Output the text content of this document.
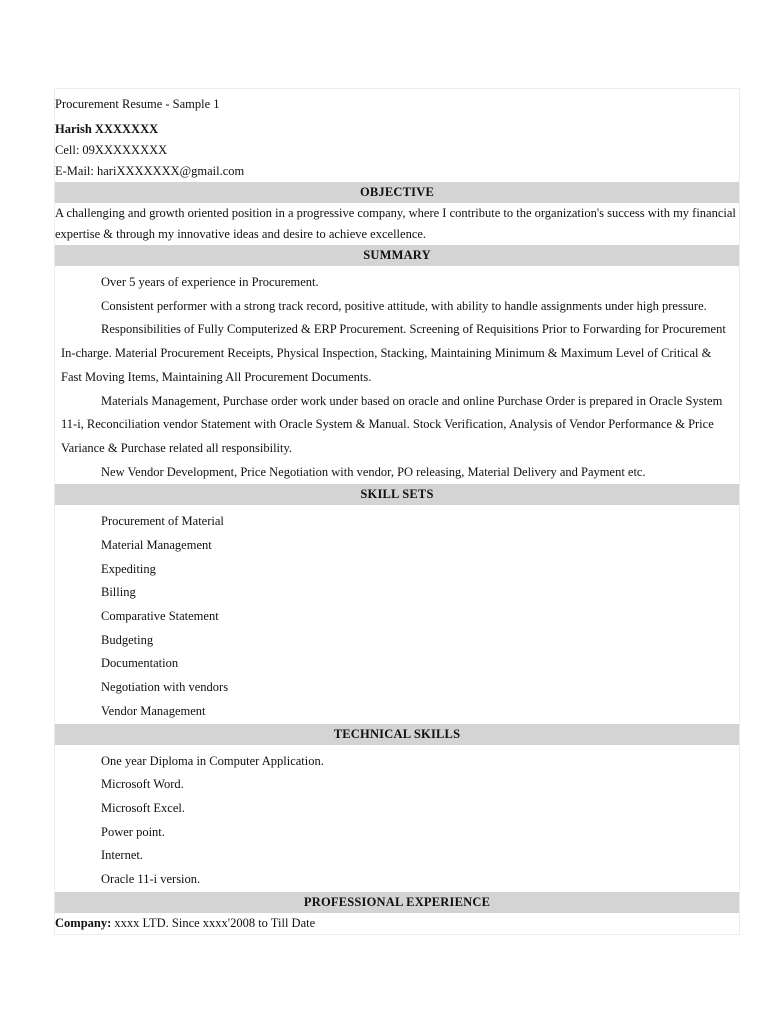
Procurement Resume - Sample 1
Harish XXXXXXX
Cell: 09XXXXXXXX
E-Mail: hariXXXXXXX@gmail.com
OBJECTIVE
A challenging and growth oriented position in a progressive company, where I contribute to the organization's success with my financial expertise & through my innovative ideas and desire to achieve excellence.
SUMMARY
Over 5 years of experience in Procurement.
Consistent performer with a strong track record, positive attitude, with ability to handle assignments under high pressure.
Responsibilities of Fully Computerized & ERP Procurement. Screening of Requisitions Prior to Forwarding for Procurement In-charge. Material Procurement Receipts, Physical Inspection, Stacking, Maintaining Minimum & Maximum Level of Critical & Fast Moving Items, Maintaining All Procurement Documents.
Materials Management, Purchase order work under based on oracle and online Purchase Order is prepared in Oracle System 11-i, Reconciliation vendor Statement with Oracle System & Manual. Stock Verification, Analysis of Vendor Performance & Price Variance & Purchase related all responsibility.
New Vendor Development, Price Negotiation with vendor, PO releasing, Material Delivery and Payment etc.
SKILL SETS
Procurement of Material
Material Management
Expediting
Billing
Comparative Statement
Budgeting
Documentation
Negotiation with vendors
Vendor Management
TECHNICAL SKILLS
One year Diploma in Computer Application.
Microsoft Word.
Microsoft Excel.
Power point.
Internet.
Oracle 11-i version.
PROFESSIONAL EXPERIENCE
Company: xxxx LTD. Since xxxx'2008 to Till Date
